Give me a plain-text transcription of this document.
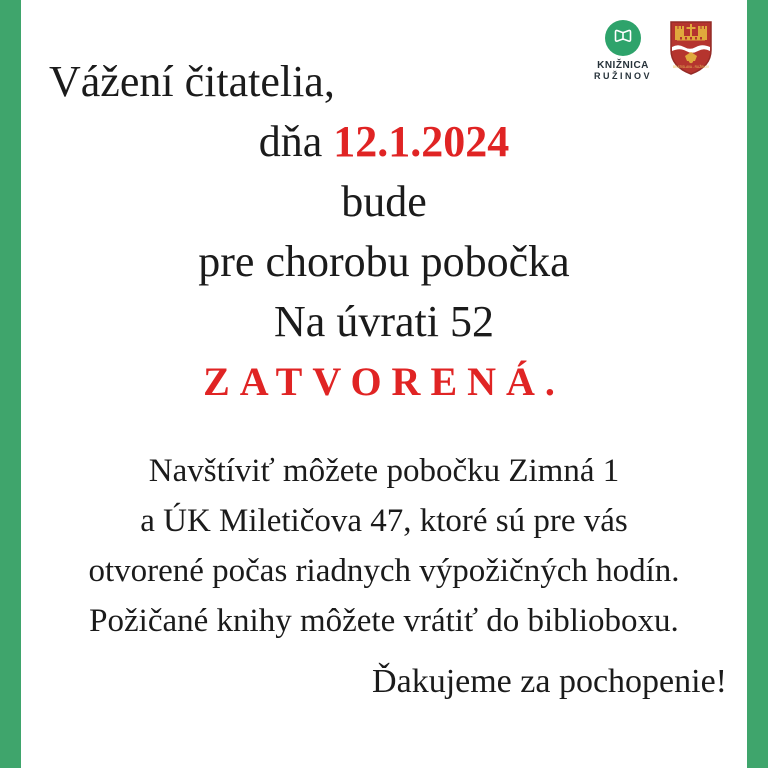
KNIŽNICA
RUŽINOV
BRATISLAVA - RUŽINOV
Vážení čitatelia,
dňa 12.1.2024
bude
pre chorobu pobočka
Na úvrati 52
ZATVORENÁ.
Navštíviť môžete pobočku Zimná 1
a ÚK Miletičova 47, ktoré sú pre vás
otvorené počas riadnych výpožičných hodín.
Požičané knihy môžete vrátiť do biblioboxu.
Ďakujeme za pochopenie!
